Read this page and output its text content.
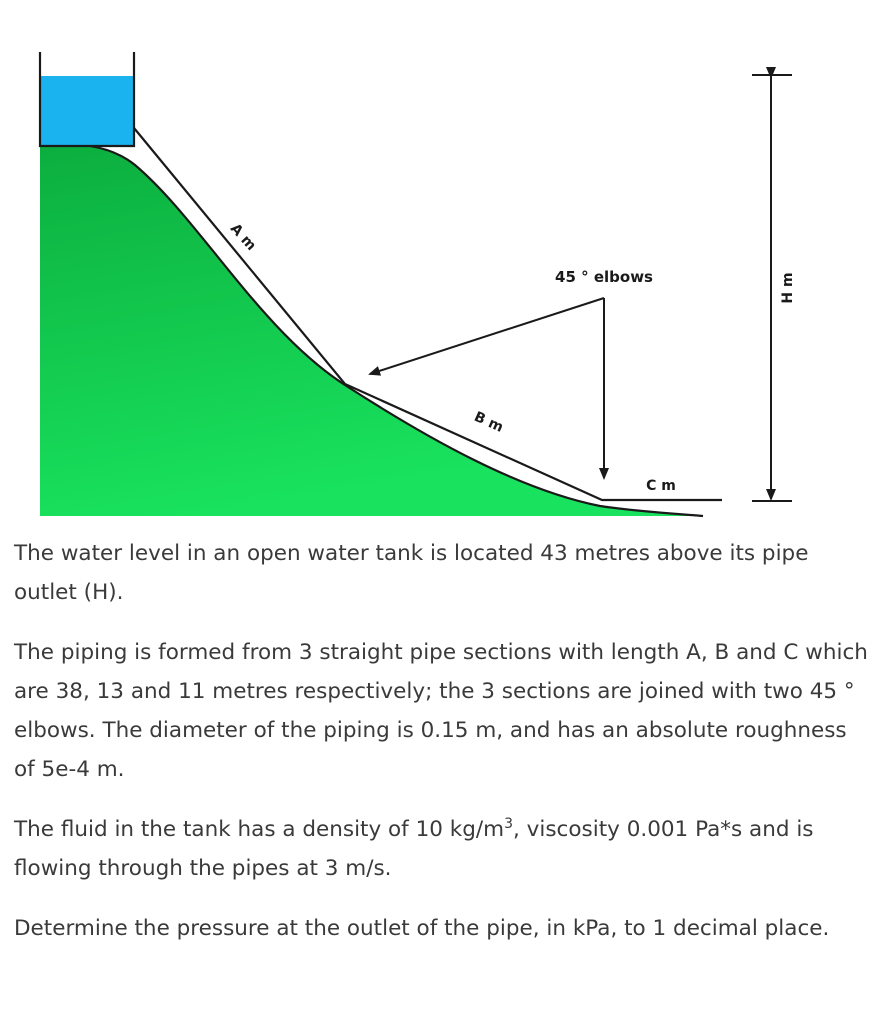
A m
B m
C m
H m
45 ° elbows

The water level in an open water tank is located 43 metres above its pipe outlet (H).

The piping is formed from 3 straight pipe sections with length A, B and C which are 38, 13 and 11 metres respectively; the 3 sections are joined with two 45 ° elbows. The diameter of the piping is 0.15 m, and has an absolute roughness of 5e-4 m.

The fluid in the tank has a density of 10 $kg/m^3$, viscosity 0.001 Pa*s and is flowing through the pipes at 3 m/s.

Determine the pressure at the outlet of the pipe, in kPa, to 1 decimal place.
